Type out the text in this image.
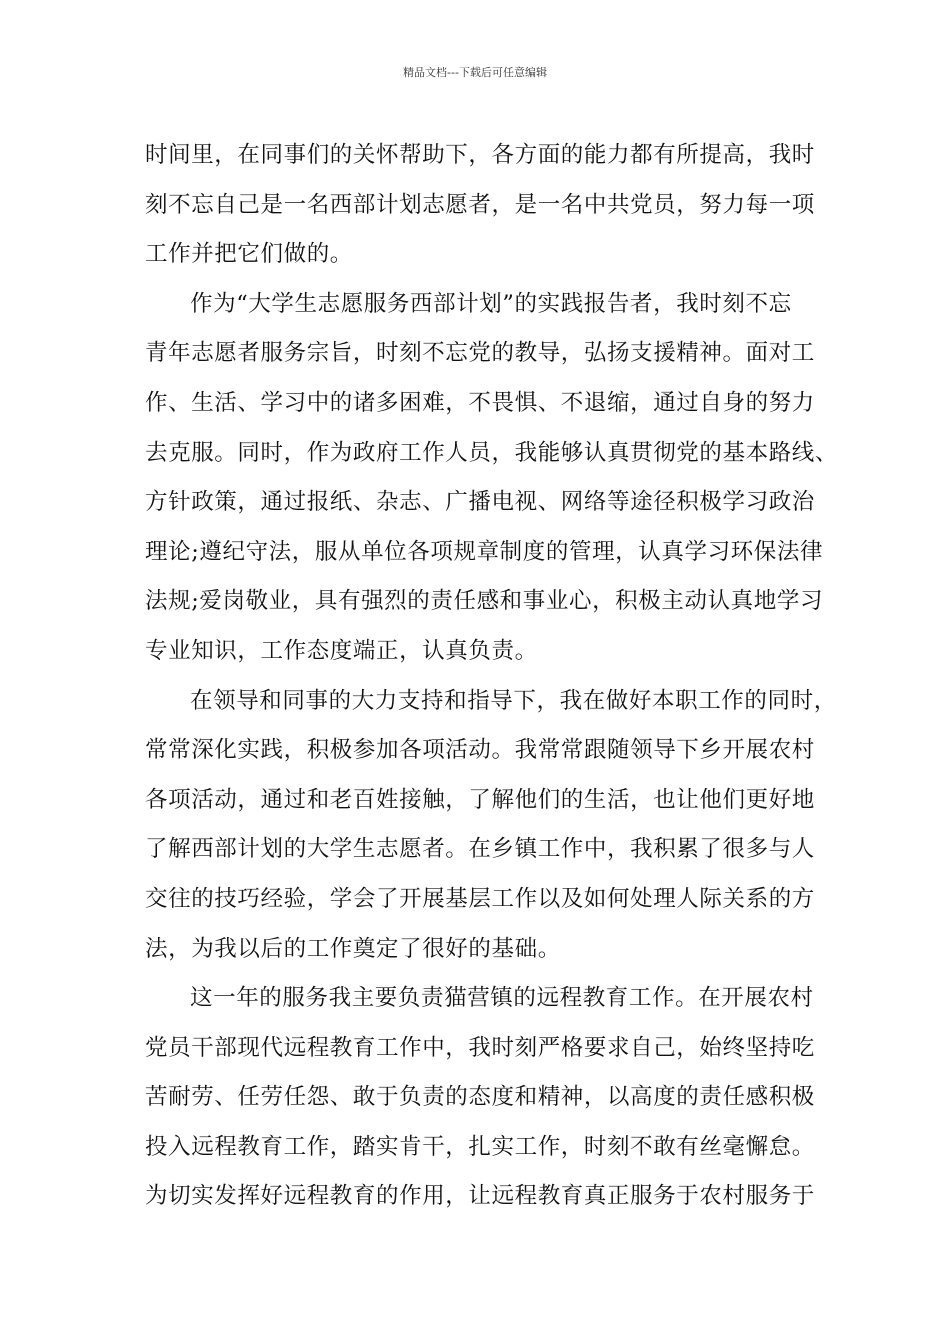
精品文档---下载后可任意编辑
时间里，在同事们的关怀帮助下，各方面的能力都有所提高，我时
刻不忘自己是一名西部计划志愿者，是一名中共党员，努力每一项
工作并把它们做的。
作为“大学生志愿服务西部计划”的实践报告者，我时刻不忘
青年志愿者服务宗旨，时刻不忘党的教导，弘扬支援精神。面对工
作、生活、学习中的诸多困难，不畏惧、不退缩，通过自身的努力
去克服。同时，作为政府工作人员，我能够认真贯彻党的基本路线、
方针政策，通过报纸、杂志、广播电视、网络等途径积极学习政治
理论;遵纪守法，服从单位各项规章制度的管理，认真学习环保法律
法规;爱岗敬业，具有强烈的责任感和事业心，积极主动认真地学习
专业知识，工作态度端正，认真负责。
在领导和同事的大力支持和指导下，我在做好本职工作的同时，
常常深化实践，积极参加各项活动。我常常跟随领导下乡开展农村
各项活动，通过和老百姓接触，了解他们的生活，也让他们更好地
了解西部计划的大学生志愿者。在乡镇工作中，我积累了很多与人
交往的技巧经验，学会了开展基层工作以及如何处理人际关系的方
法，为我以后的工作奠定了很好的基础。
这一年的服务我主要负责猫营镇的远程教育工作。在开展农村
党员干部现代远程教育工作中，我时刻严格要求自己，始终坚持吃
苦耐劳、任劳任怨、敢于负责的态度和精神，以高度的责任感积极
投入远程教育工作，踏实肯干，扎实工作，时刻不敢有丝毫懈怠。
为切实发挥好远程教育的作用，让远程教育真正服务于农村服务于
